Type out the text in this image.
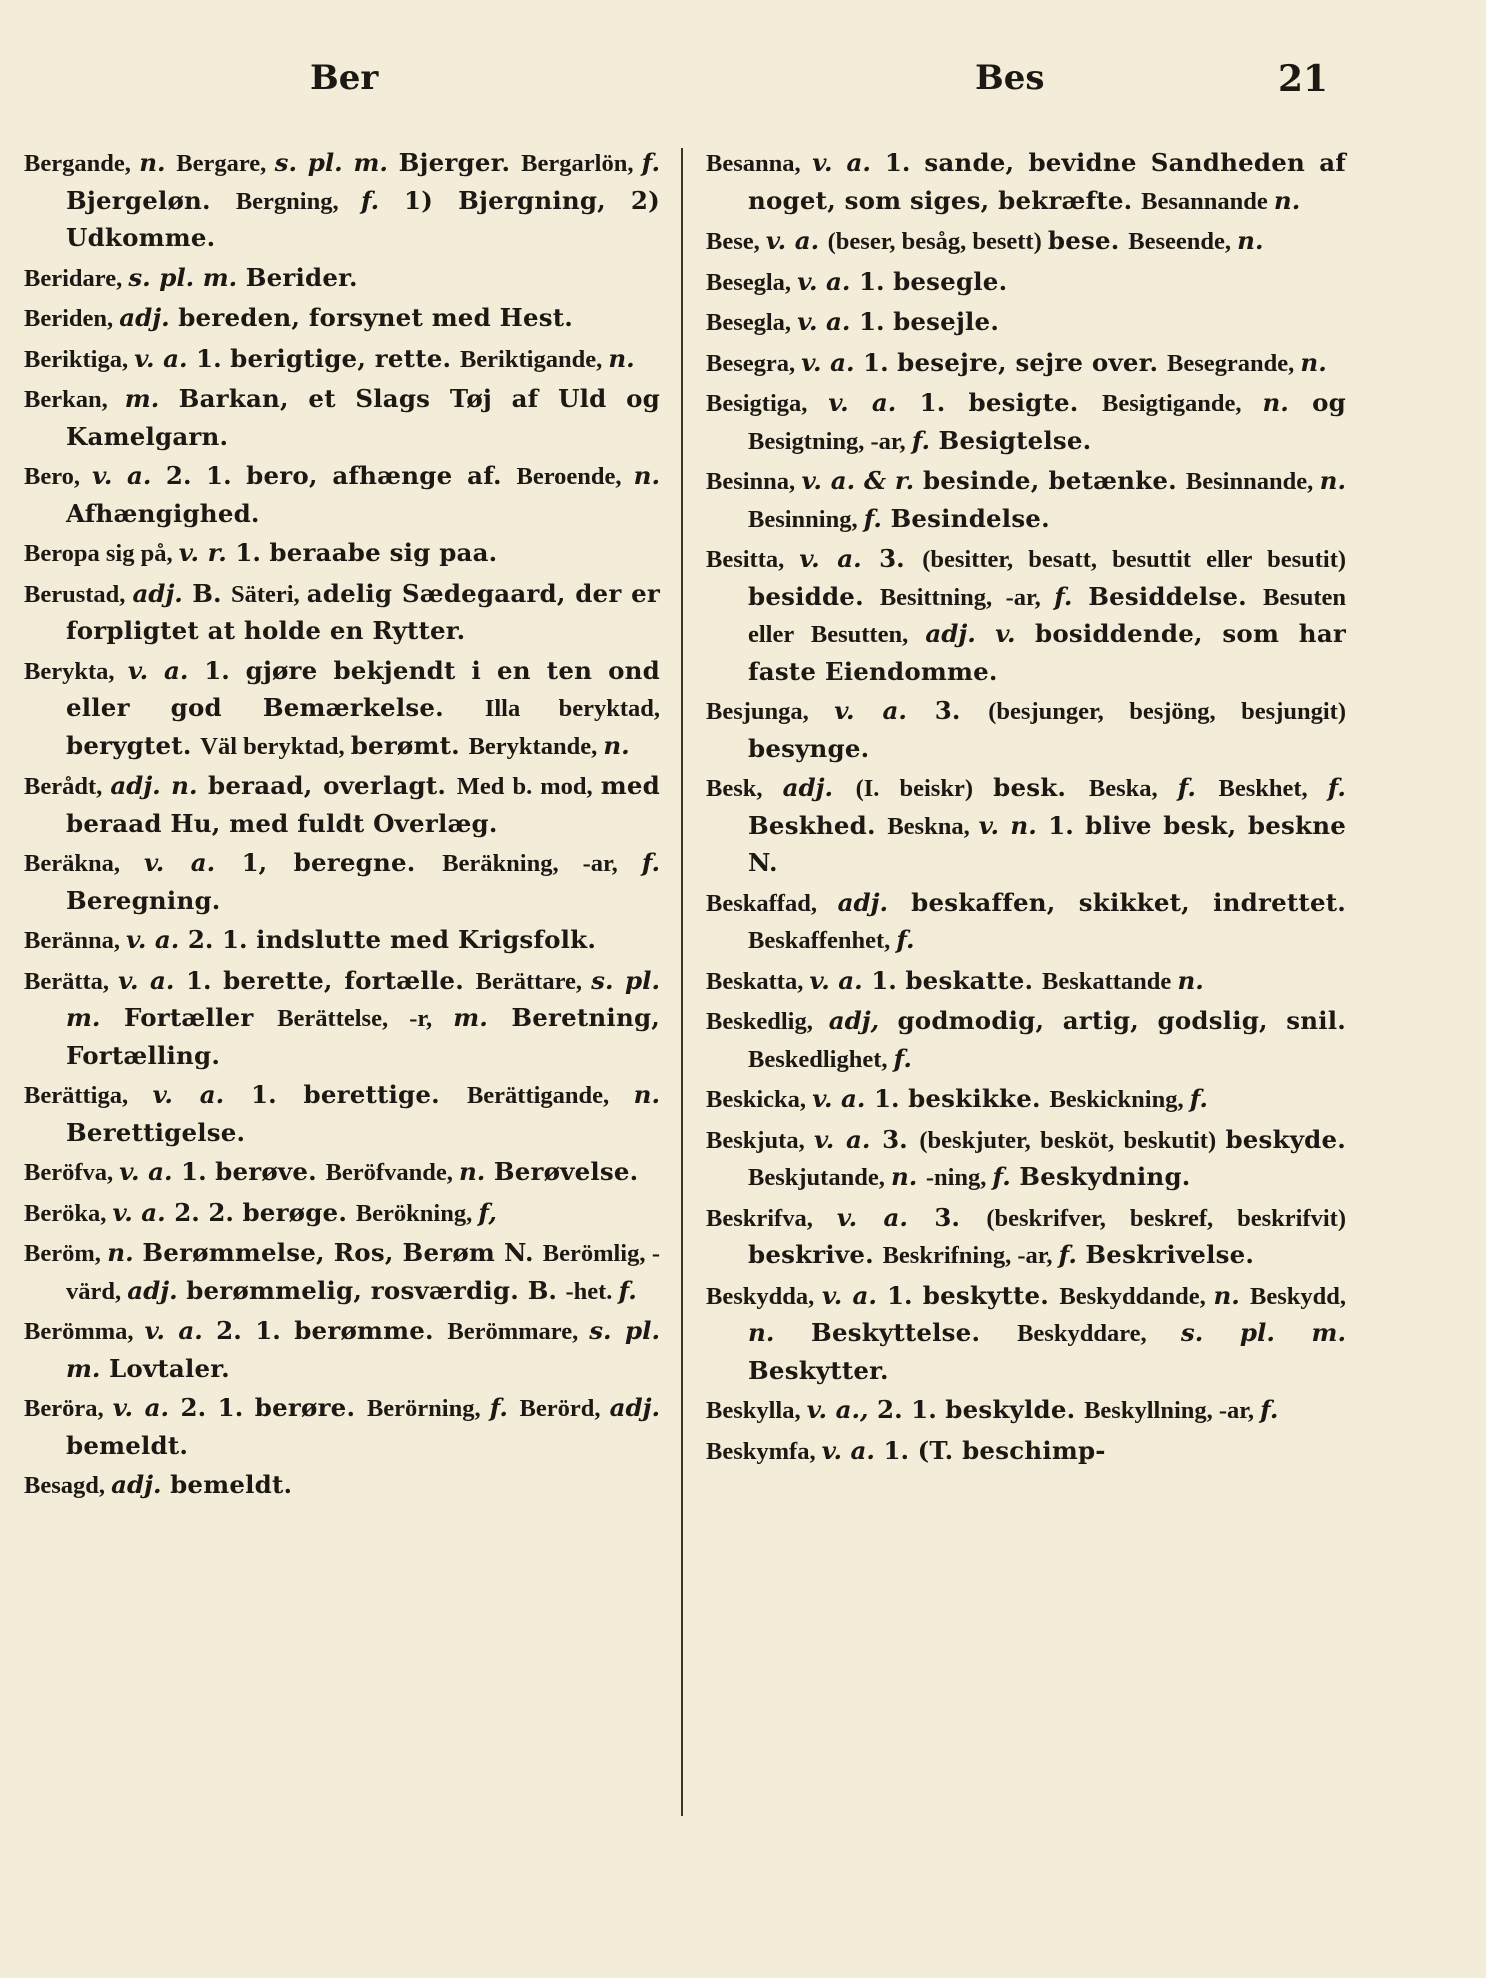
Ber	Bes	21
Bergande, n. Bergare, s. pl. m. Bjerger. Bergarlön, f. Bjergeløn. Bergning, f. 1) Bjergning, 2) Udkomme.
Beridare, s. pl. m. Berider.
Beriden, adj. bereden, forsynet med Hest.
Beriktiga, v. a. 1. berigtige, rette. Beriktigande, n.
Berkan, m. Barkan, et Slags Tøj af Uld og Kamelgarn.
Bero, v. a. 2. 1. bero, afhænge af. Beroende, n. Afhængighed.
Beropa sig på, v. r. 1. beraabe sig paa.
Berustad, adj. B. Säteri, adelig Sædegaard, der er forpligtet at holde en Rytter.
Berykta, v. a. 1. gjøre bekjendt i en ten ond eller god Bemærkelse. Illa beryktad, berygtet. Väl beryktad, berømt. Beryktande, n.
Berådt, adj. n. beraad, overlagt. Med b. mod, med beraad Hu, med fuldt Overlæg.
Beräkna, v. a. 1, beregne. Beräkning, -ar, f. Beregning.
Beränna, v. a. 2. 1. indslutte med Krigsfolk.
Berätta, v. a. 1. berette, fortælle. Berättare, s. pl. m. Fortæller Berättelse, -r, m. Beretning, Fortælling.
Berättiga, v. a. 1. berettige. Berättigande, n. Berettigelse.
Beröfva, v. a. 1. berøve. Beröfvande, n. Berøvelse.
Beröka, v. a. 2. 2. berøge. Berökning, f,
Beröm, n. Berømmelse, Ros, Berøm N. Berömlig, -värd, adj. berømmelig, rosværdig. B. -het. f.
Berömma, v. a. 2. 1. berømme. Berömmare, s. pl. m. Lovtaler.
Beröra, v. a. 2. 1. berøre. Berörning, f. Berörd, adj. bemeldt.
Besagd, adj. bemeldt.
Besanna, v. a. 1. sande, bevidne Sandheden af noget, som siges, bekræfte. Besannande n.
Bese, v. a. (beser, besåg, besett) bese. Beseende, n.
Besegla, v. a. 1. besegle.
Besegla, v. a. 1. besejle.
Besegra, v. a. 1. besejre, sejre over. Besegrande, n.
Besigtiga, v. a. 1. besigte. Besigtigande, n. og Besigtning, -ar, f. Besigtelse.
Besinna, v. a. & r. besinde, betænke. Besinnande, n. Besinning, f. Besindelse.
Besitta, v. a. 3. (besitter, besatt, besuttit eller besutit) besidde. Besittning, -ar, f. Besiddelse. Besuten eller Besutten, adj. v. bosiddende, som har faste Eiendomme.
Besjunga, v. a. 3. (besjunger, besjöng, besjungit) besynge.
Besk, adj. (I. beiskr) besk. Beska, f. Beskhet, f. Beskhed. Beskna, v. n. 1. blive besk, beskne N.
Beskaffad, adj. beskaffen, skikket, indrettet. Beskaffenhet, f.
Beskatta, v. a. 1. beskatte. Beskattande n.
Beskedlig, adj, godmodig, artig, godslig, snil. Beskedlighet, f.
Beskicka, v. a. 1. beskikke. Beskickning, f.
Beskjuta, v. a. 3. (beskjuter, besköt, beskutit) beskyde. Beskjutande, n. -ning, f. Beskydning.
Beskrifva, v. a. 3. (beskrifver, beskref, beskrifvit) beskrive. Beskrifning, -ar, f. Beskrivelse.
Beskydda, v. a. 1. beskytte. Beskyddande, n. Beskydd, n. Beskyttelse. Beskyddare, s. pl. m. Beskytter.
Beskylla, v. a., 2. 1. beskylde. Beskyllning, -ar, f.
Beskymfa, v. a. 1. (T. beschimp-
